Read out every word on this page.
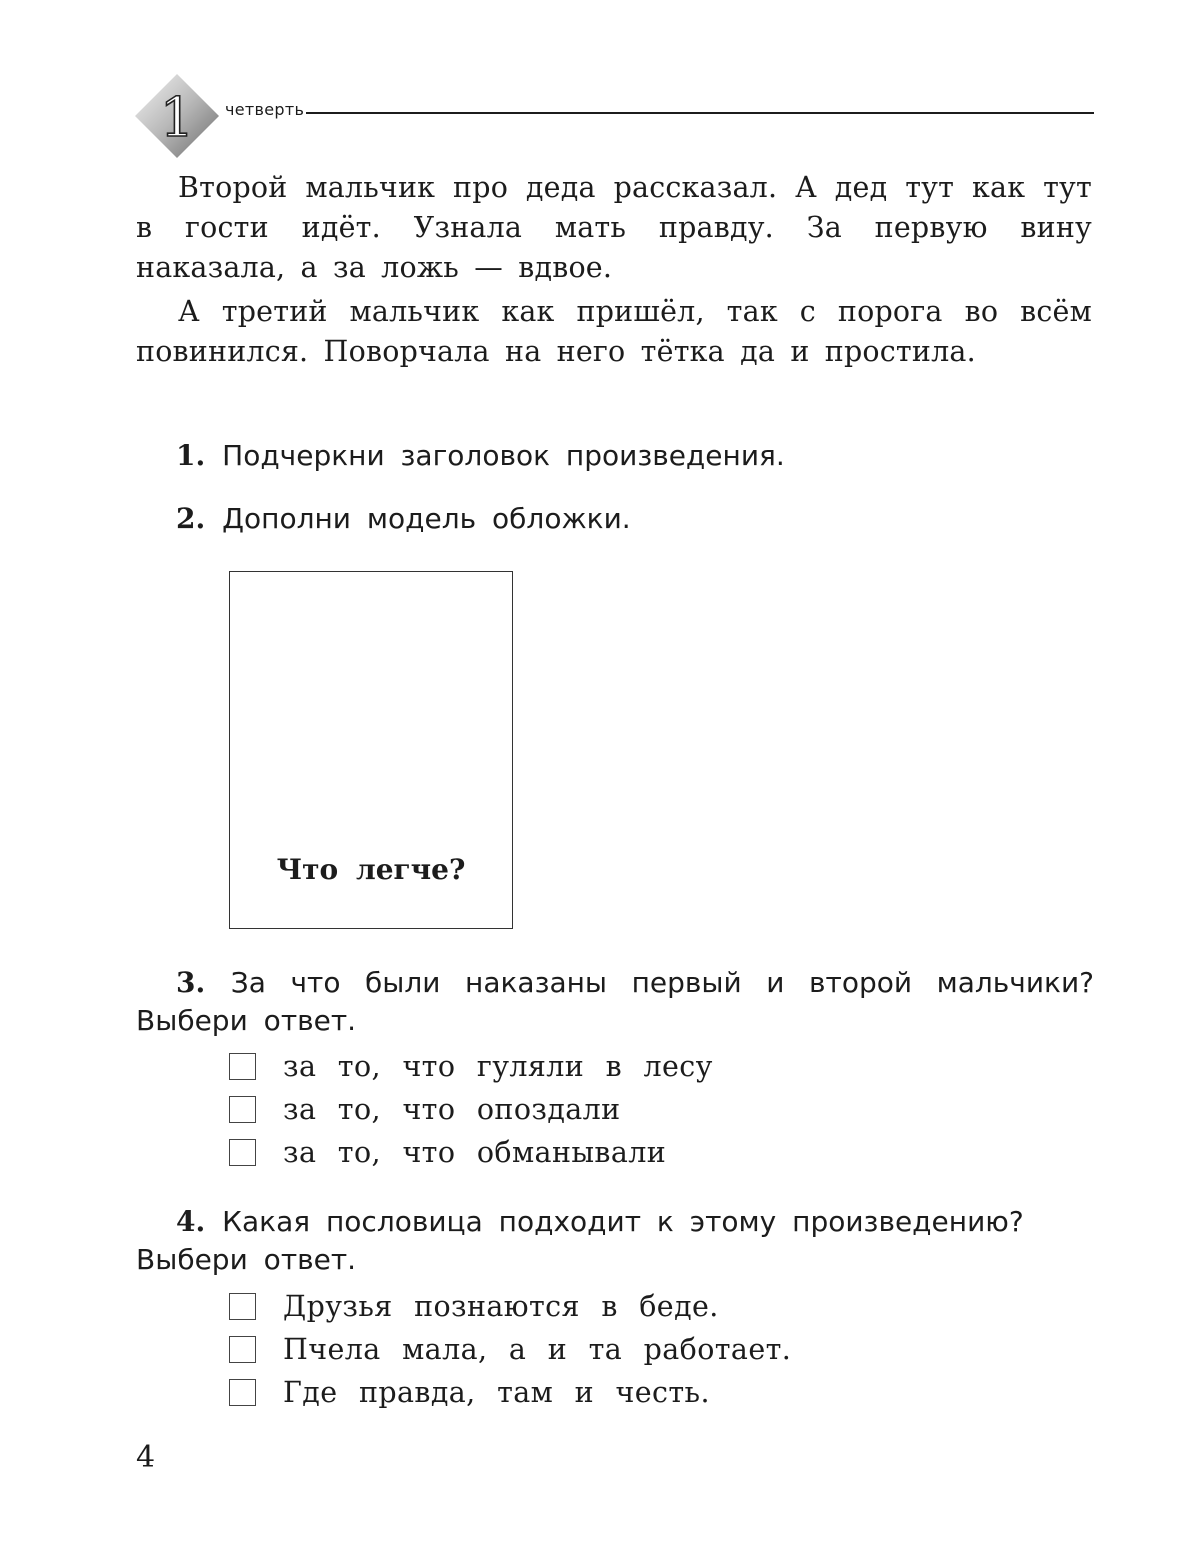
1 четверть

Второй мальчик про деда рассказал. А дед тут как тут в гости идёт. Узнала мать правду. За первую вину наказала, а за ложь — вдвое.

А третий мальчик как пришёл, так с порога во всём повинился. Поворчала на него тётка да и простила.

1. Подчеркни заголовок произведения.
2. Дополни модель обложки.
Что легче?
3. За что были наказаны первый и второй мальчики? Выбери ответ.
за то, что гуляли в лесу
за то, что опоздали
за то, что обманывали
4. Какая пословица подходит к этому произведению? Выбери ответ.
Друзья познаются в беде.
Пчела мала, а и та работает.
Где правда, там и честь.
4
